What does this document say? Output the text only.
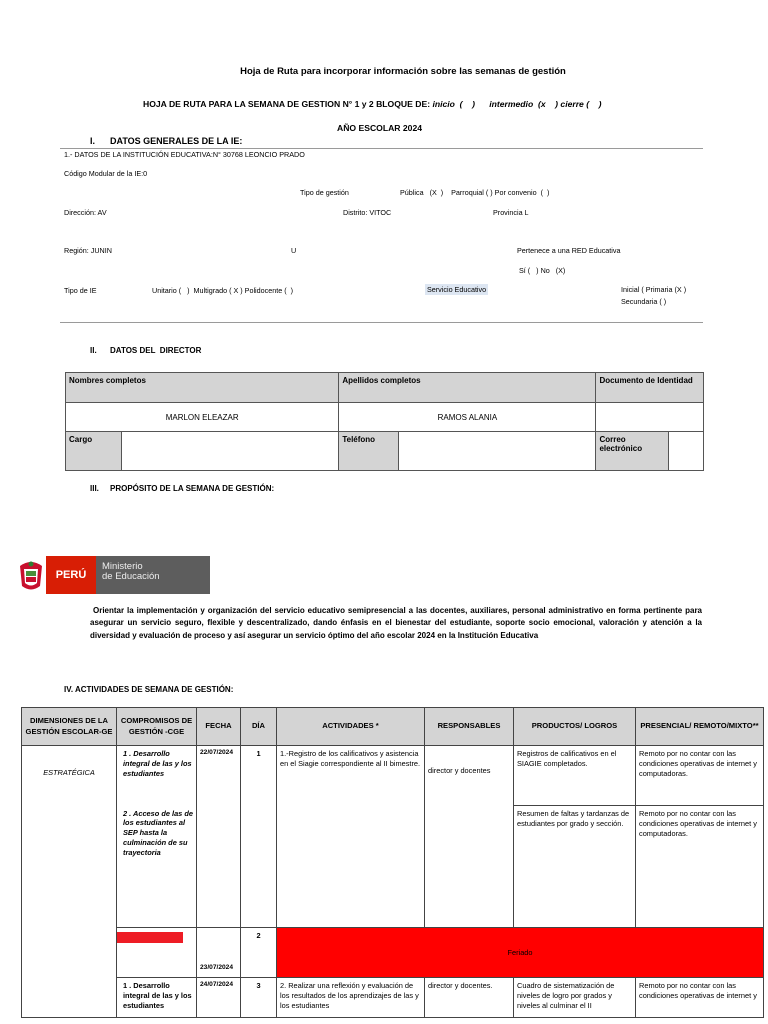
Hoja de Ruta para incorporar información sobre las semanas de gestión
HOJA DE RUTA PARA LA SEMANA DE GESTION N° 1 y 2 BLOQUE DE: inicio  (    )      intermedio  (x    ) cierre (    )
AÑO ESCOLAR 2024
I.      DATOS GENERALES DE LA IE:
1.- DATOS DE LA INSTITUCIÓN EDUCATIVA:N° 30768 LEONCIO PRADO
Código Modular de la IE:0
Tipo de gestión	Pública   (X  )    Parroquial ( ) Por convenio  (  )
Dirección: AV	Distrito: VITOC	Provincia L
Región: JUNIN	U	Pertenece a una RED Educativa
Sí (   ) No   (X)
Tipo de IE	Unitario (   )  Multigrado ( X ) Polidocente (  )	Servicio Educativo	Inicial ( Primaria (X )
Secundaria ( )
II.      DATOS DEL  DIRECTOR
Nombres completos		Apellidos completos		Documento de Identidad	
MARLON ELEAZAR		RAMOS ALANIA			
Cargo		Teléfono		Correo electrónico	
III.     PROPÓSITO DE LA SEMANA DE GESTIÓN:
PERÚ
Ministerio
de Educación
Orientar la implementación y organización del servicio educativo semipresencial a las docentes, auxiliares, personal administrativo en forma pertinente para asegurar un servicio seguro, flexible y descentralizado, dando énfasis en el bienestar del estudiante, soporte socio emocional, valoración y atención a la diversidad y evaluación de proceso y así asegurar un servicio óptimo del año escolar 2024 en la Institución Educativa
IV. ACTIVIDADES DE SEMANA DE GESTIÓN:
DIMENSIONES DE LA GESTIÓN ESCOLAR-GE	COMPROMISOS DE GESTIÓN -CGE	FECHA	DÍA	ACTIVIDADES *	RESPONSABLES	PRODUCTOS/ LOGROS	PRESENCIAL/ REMOTO/MIXTO**
ESTRATÉGICA	1 . Desarrollo integral de las y los estudiantes	22/07/2024	1	1.-Registro de los calificativos y asistencia en el Siagie correspondiente al II bimestre.	director y docentes	Registros de calificativos en el SIAGIE completados.	Remoto por no contar con las condiciones operativas de internet y computadoras.
	2 . Acceso de las de los estudiantes al SEP hasta la culminación de su trayectoria					Resumen de faltas y tardanzas de estudiantes por grado y sección.	Remoto por no contar con las condiciones operativas de internet y computadoras.

		23/07/2024	2	Feriado			
	1 . Desarrollo integral de las y los estudiantes	24/07/2024	3	2. Realizar una reflexión y evaluación de los resultados de los aprendizajes de las y los estudiantes	director y docentes.	Cuadro de sistematización de niveles de logro por grados y niveles al culminar el II	Remoto por no contar con las condiciones operativas de internet y
